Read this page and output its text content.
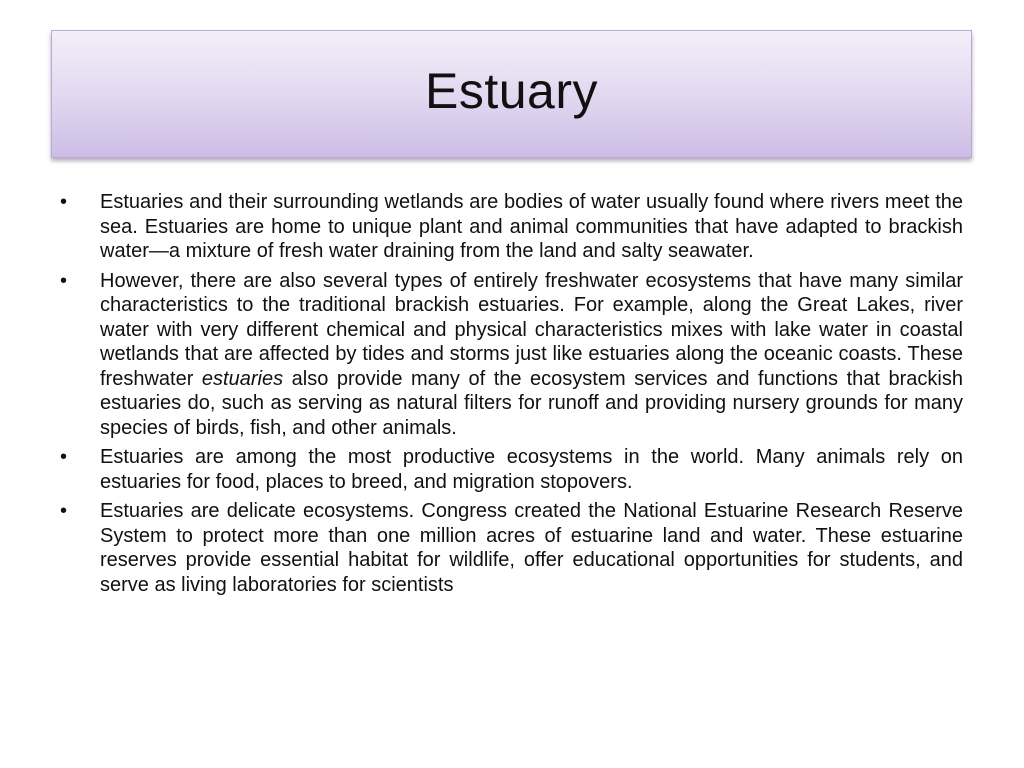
Estuary
• Estuaries and their surrounding wetlands are bodies of water usually found where rivers meet the sea. Estuaries are home to unique plant and animal communities that have adapted to brackish water—a mixture of fresh water draining from the land and salty seawater.
• However, there are also several types of entirely freshwater ecosystems that have many similar characteristics to the traditional brackish estuaries. For example, along the Great Lakes, river water with very different chemical and physical characteristics mixes with lake water in coastal wetlands that are affected by tides and storms just like estuaries along the oceanic coasts. These freshwater estuaries also provide many of the ecosystem services and functions that brackish estuaries do, such as serving as natural filters for runoff and providing nursery grounds for many species of birds, fish, and other animals.
• Estuaries are among the most productive ecosystems in the world. Many animals rely on estuaries for food, places to breed, and migration stopovers.
• Estuaries are delicate ecosystems. Congress created the National Estuarine Research Reserve System to protect more than one million acres of estuarine land and water. These estuarine reserves provide essential habitat for wildlife, offer educational opportunities for students, and serve as living laboratories for scientists
